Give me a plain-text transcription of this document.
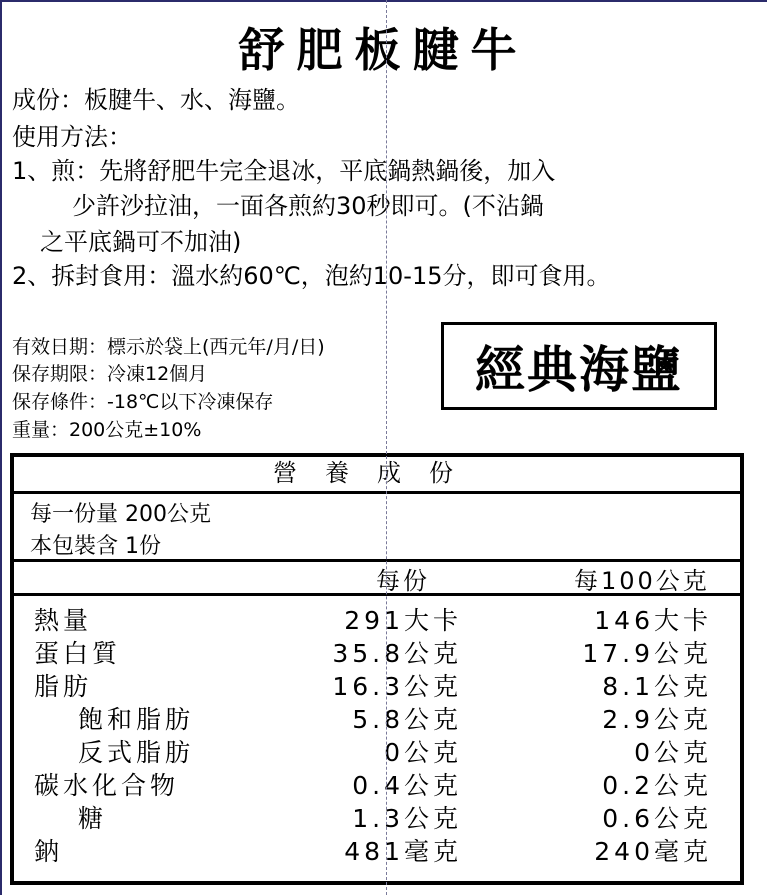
舒肥板腱牛
成份：板腱牛、水、海鹽。
使用方法：
1、煎：先將舒肥牛完全退冰，平底鍋熱鍋後，加入
少許沙拉油，一面各煎約30秒即可。(不沾鍋
之平底鍋可不加油)
2、拆封食用：溫水約60℃，泡約10-15分，即可食用。
有效日期：標示於袋上(西元年/月/日)
保存期限：冷凍12個月
保存條件：-18℃以下冷凍保存
重量：200公克±10%
經典海鹽
營養成份
每一份量 200公克
本包裝含 1份
每份	每100公克
熱量	291大卡	146大卡
蛋白質	35.8公克	17.9公克
脂肪	16.3公克	8.1公克
飽和脂肪	5.8公克	2.9公克
反式脂肪	0公克	0公克
碳水化合物	0.4公克	0.2公克
糖	1.3公克	0.6公克
鈉	481毫克	240毫克
